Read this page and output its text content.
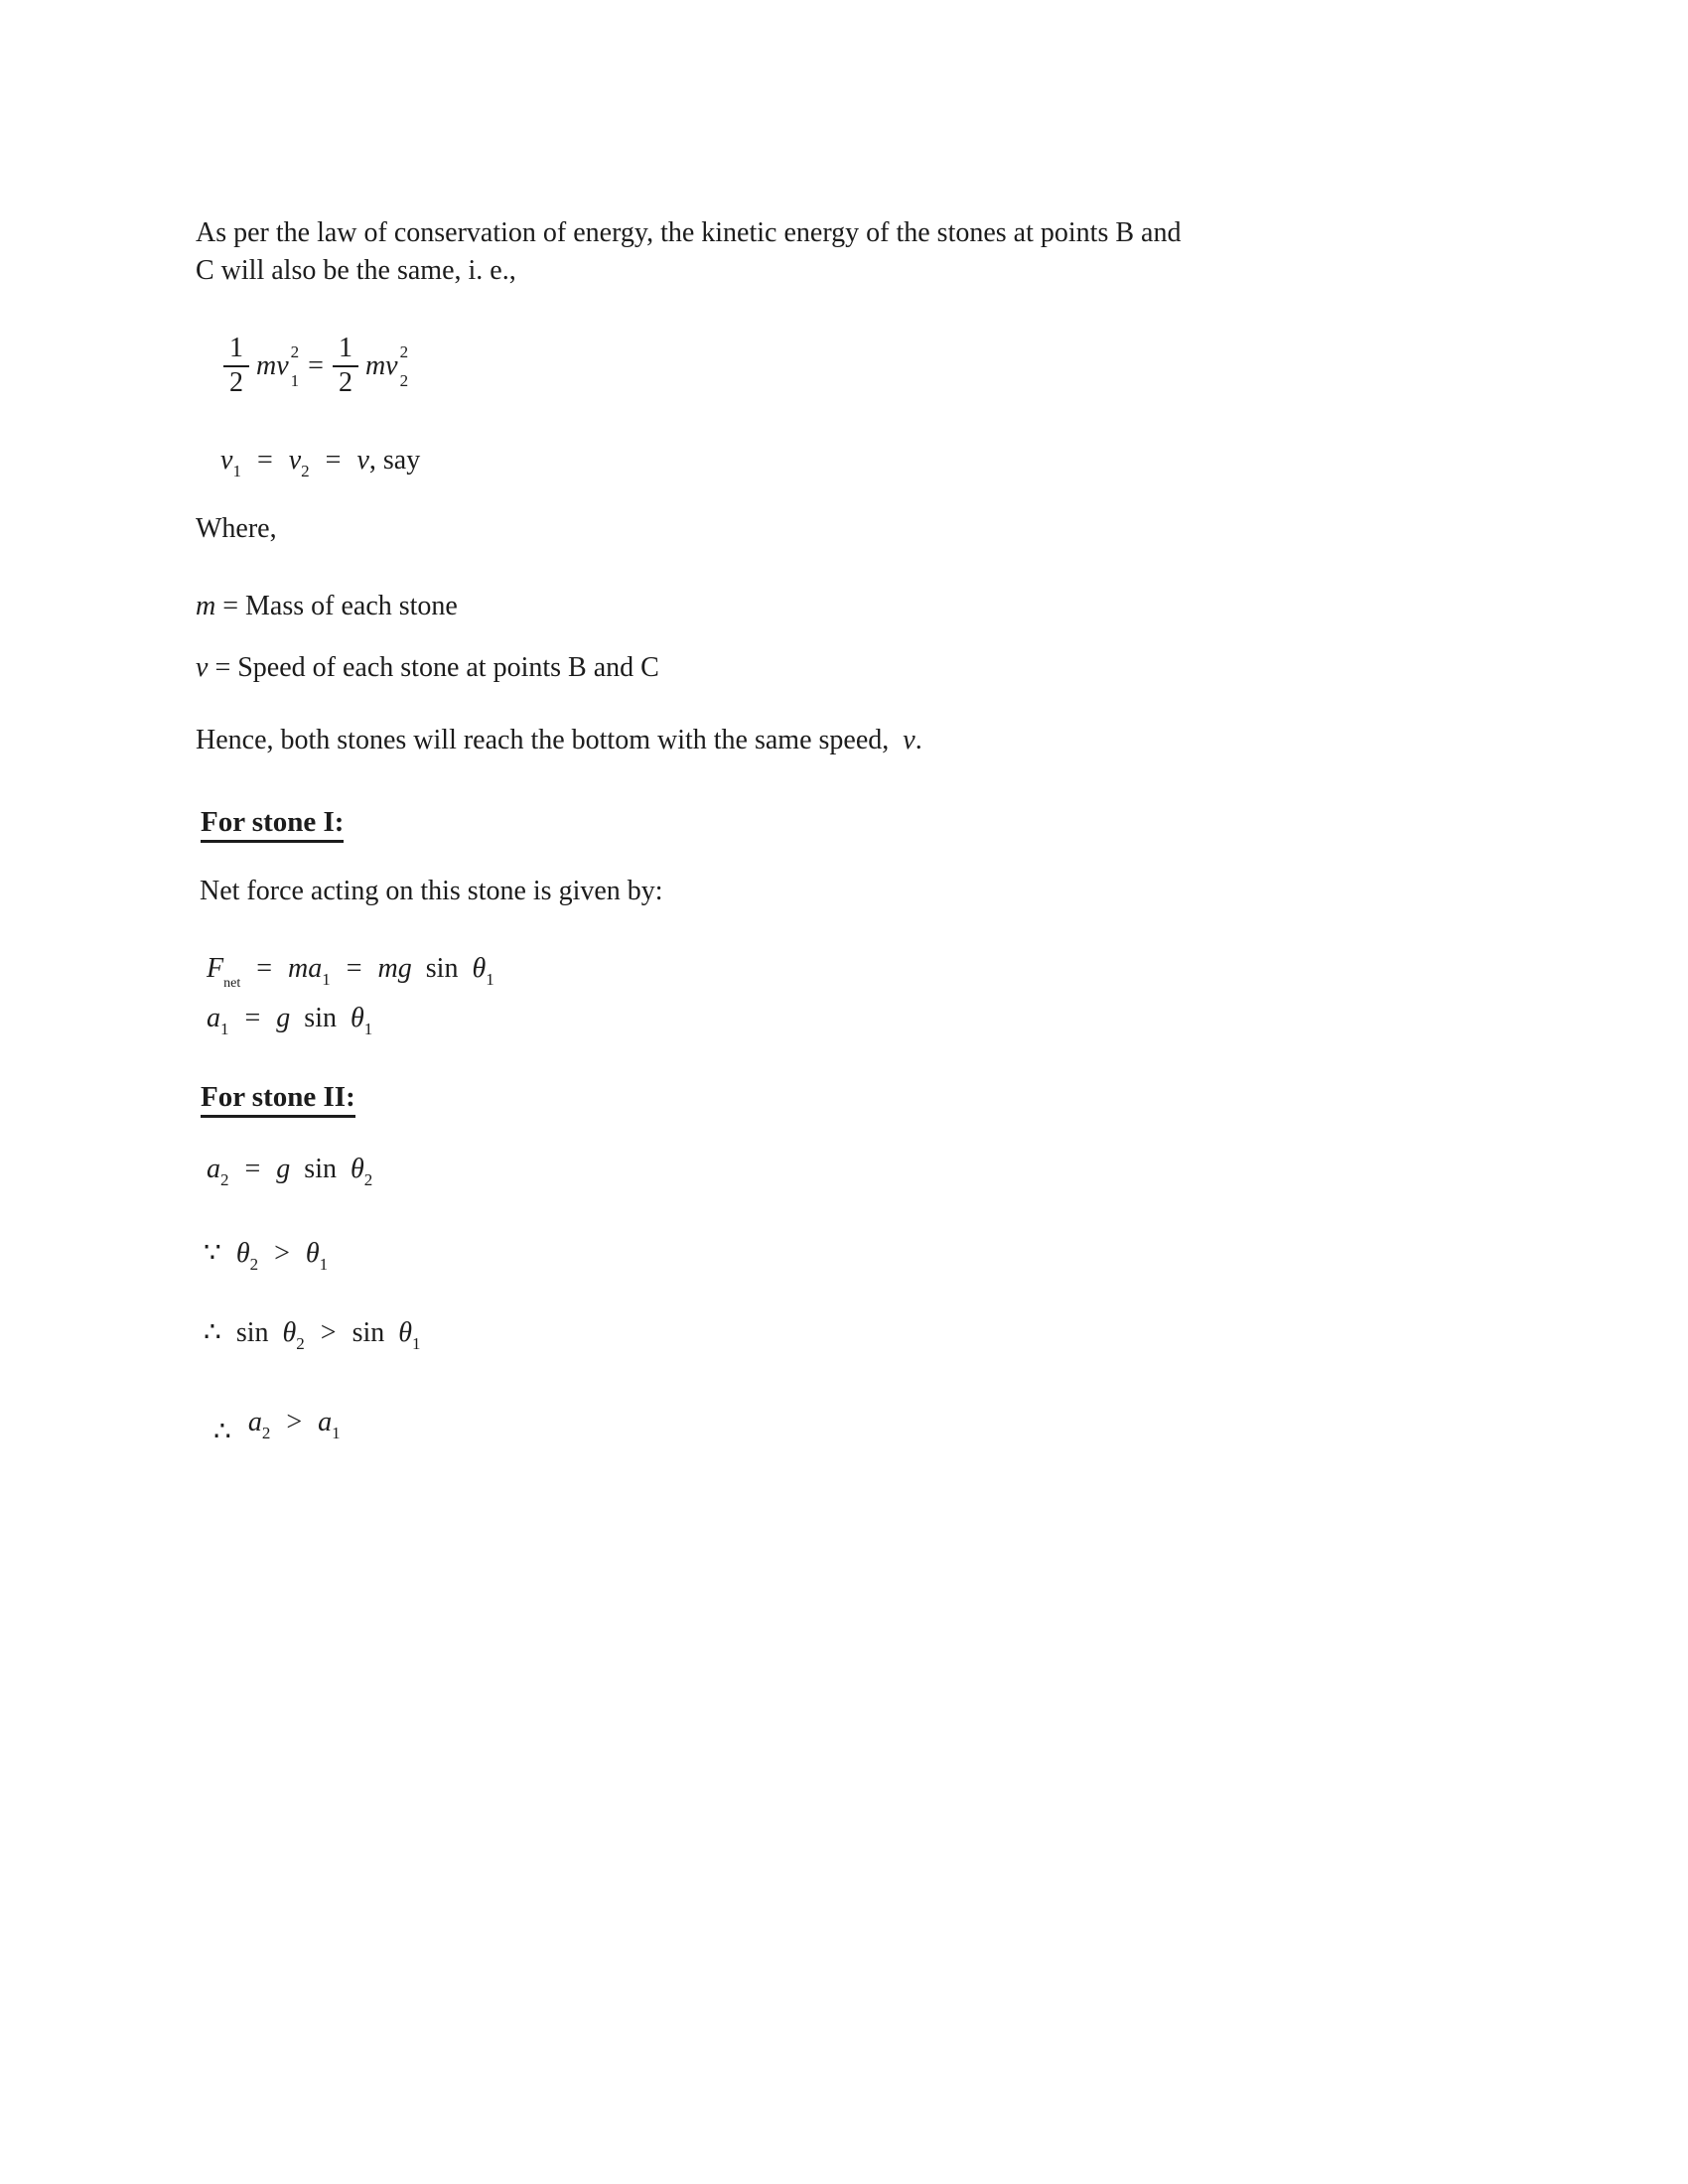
As per the law of conservation of energy, the kinetic energy of the stones at points B and
C will also be the same, i. e.,
$\frac{1}{2}$ mv 2
$1 = \frac{1}{2}$ mv 2
2
$v_1 = v_2 = v$, say
Where,
m = Mass of each stone
v = Speed of each stone at points B and C
Hence, both stones will reach the bottom with the same speed, v.
For stone I:
Net force acting on this stone is given by:
$F_{net} = ma_1$ = mg $\sin \theta_1$
$a_1 = g$ $\sin \theta_1$
For stone II:
$a_2 = g$ $\sin \theta_2$
∵ $\theta_2 > \theta_1$
∴ $\sin \theta_2 > \sin \theta_1$
∴ $a_2 > a_1$
